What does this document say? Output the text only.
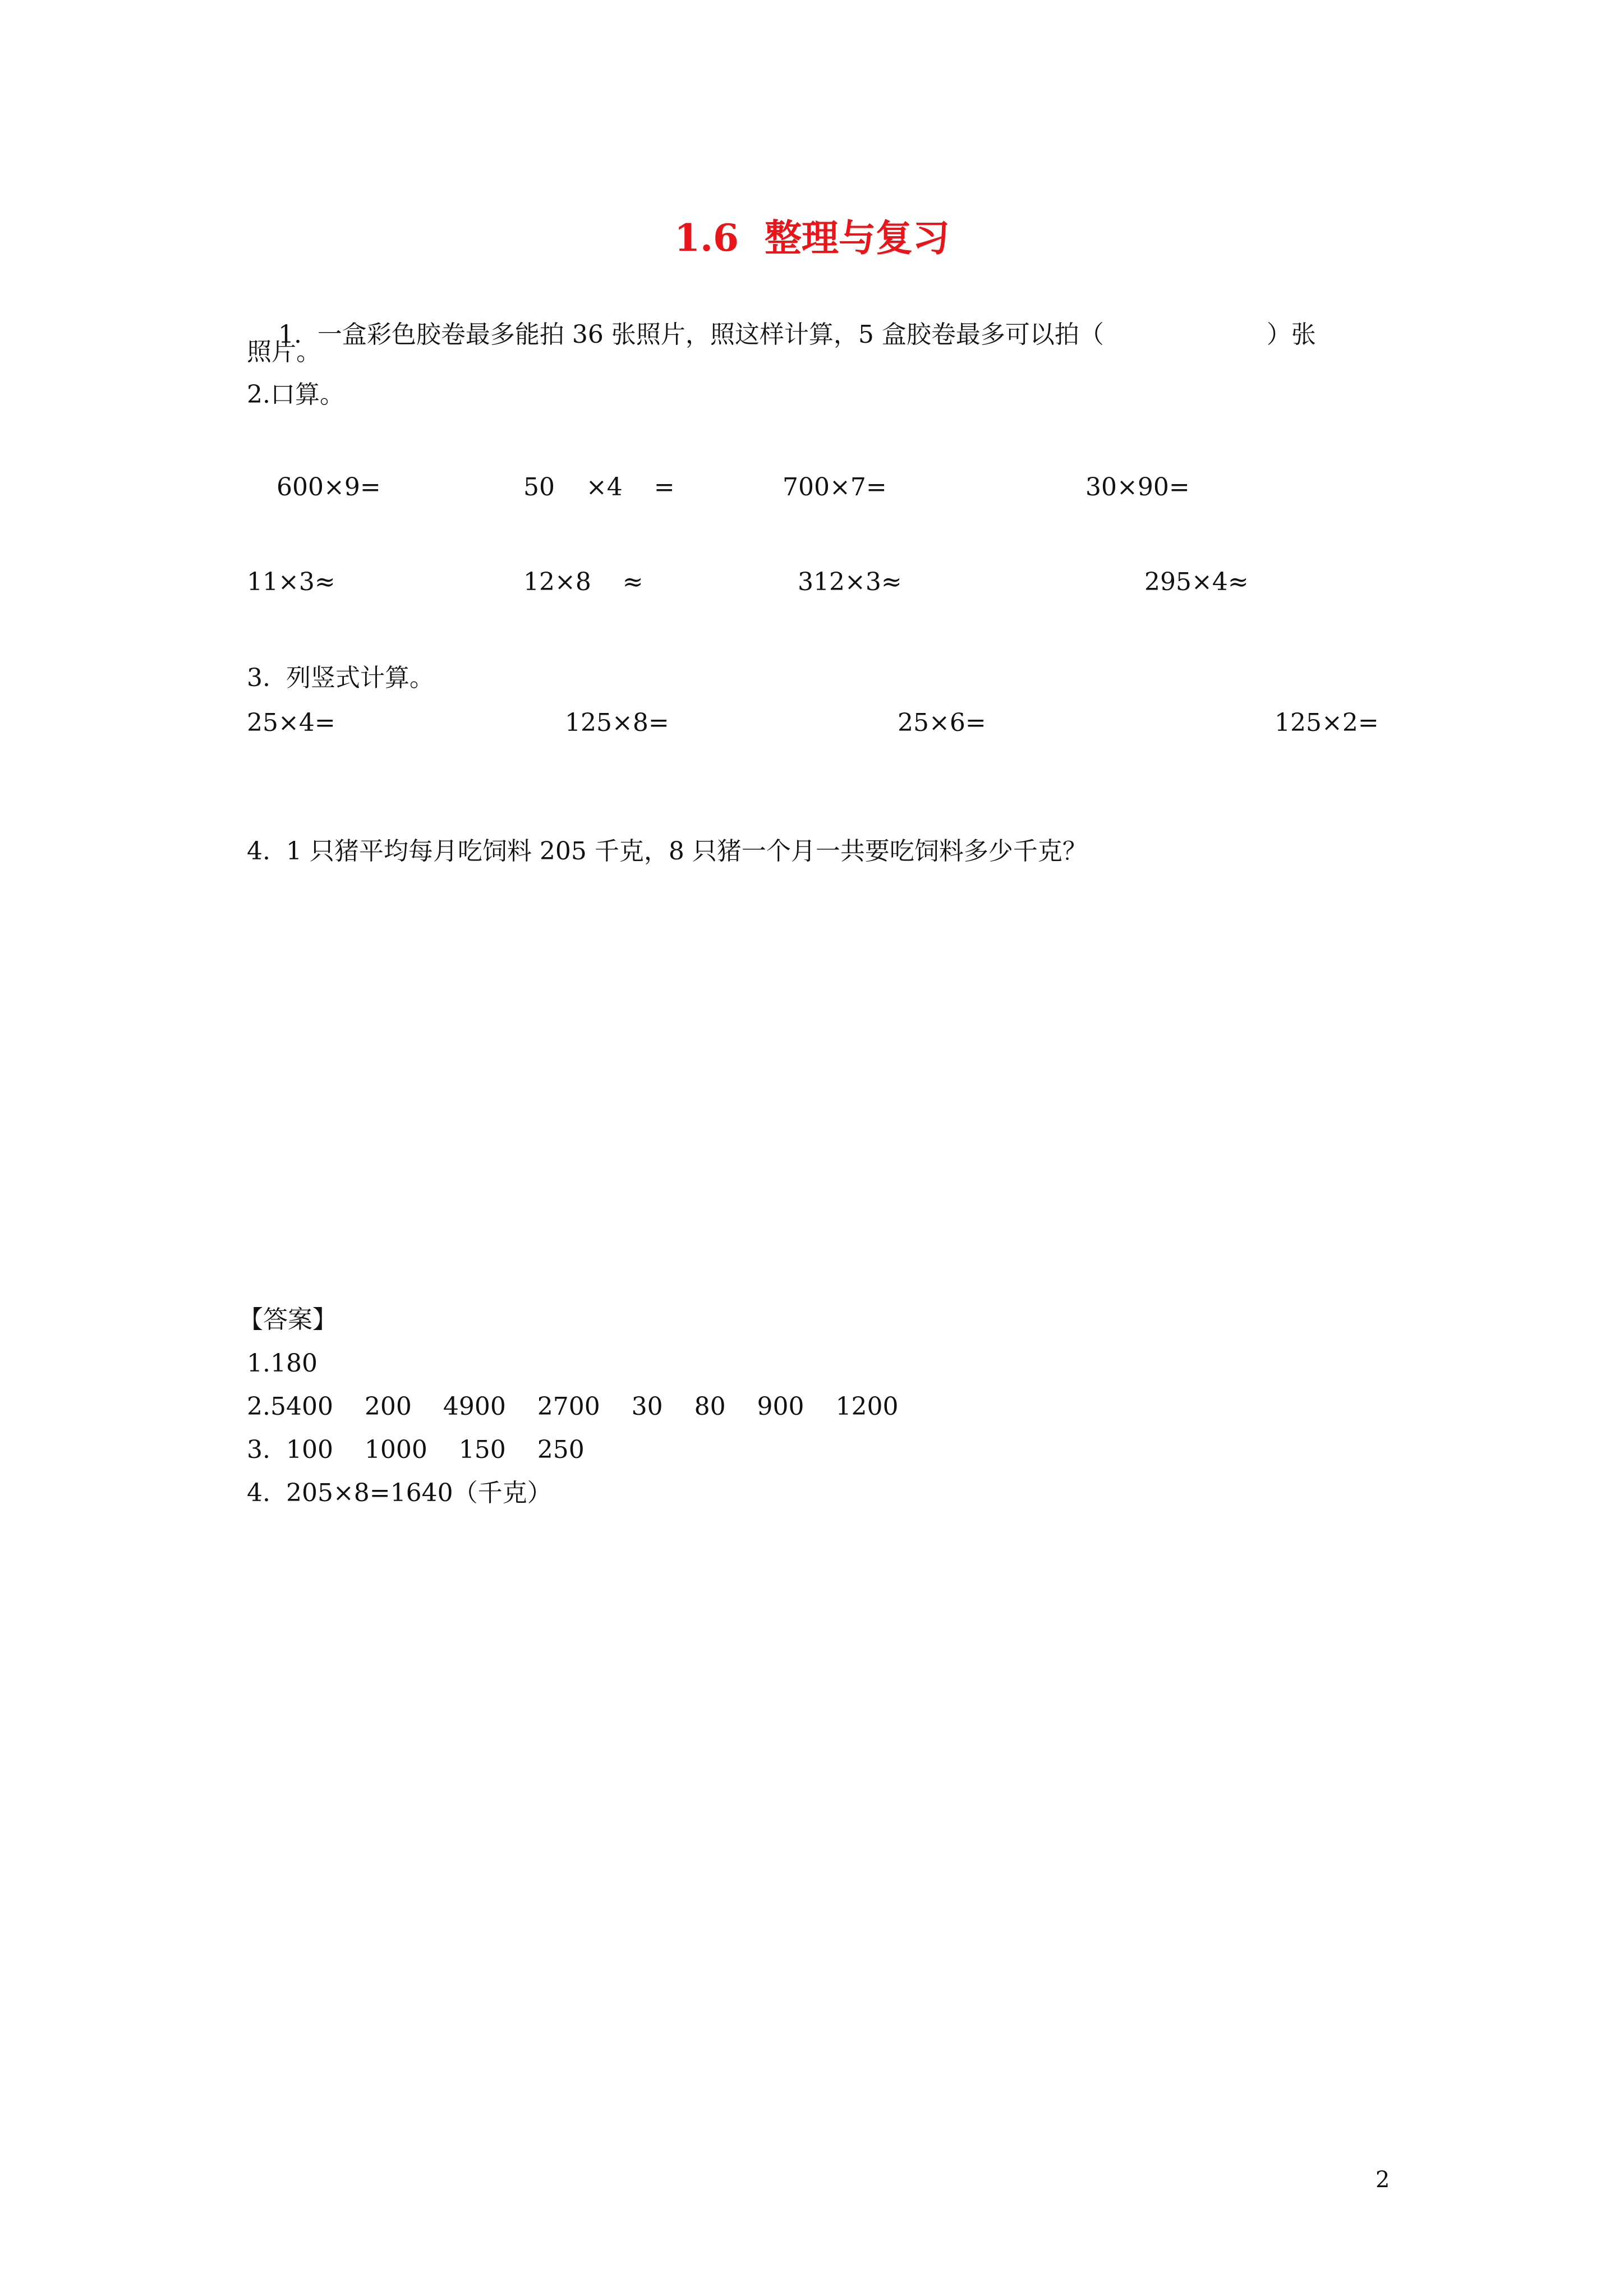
1.6  整理与复习

1.  一盒彩色胶卷最多能拍 36 张照片，照这样计算，5 盒胶卷最多可以拍（	）张

照片。
2.口算。
600×9=	50    ×4    =	700×7=	30×90=
11×3≈	12×8    ≈	312×3≈	295×4≈
3.  列竖式计算。
25×4=	125×8=	25×6=	125×2=
4.  1 只猪平均每月吃饲料 205 千克，8 只猪一个月一共要吃饲料多少千克？
【答案】
1.180
2.5400    200    4900    2700    30    80    900    1200
3.  100    1000    150    250
4.  205×8=1640（千克）
2
